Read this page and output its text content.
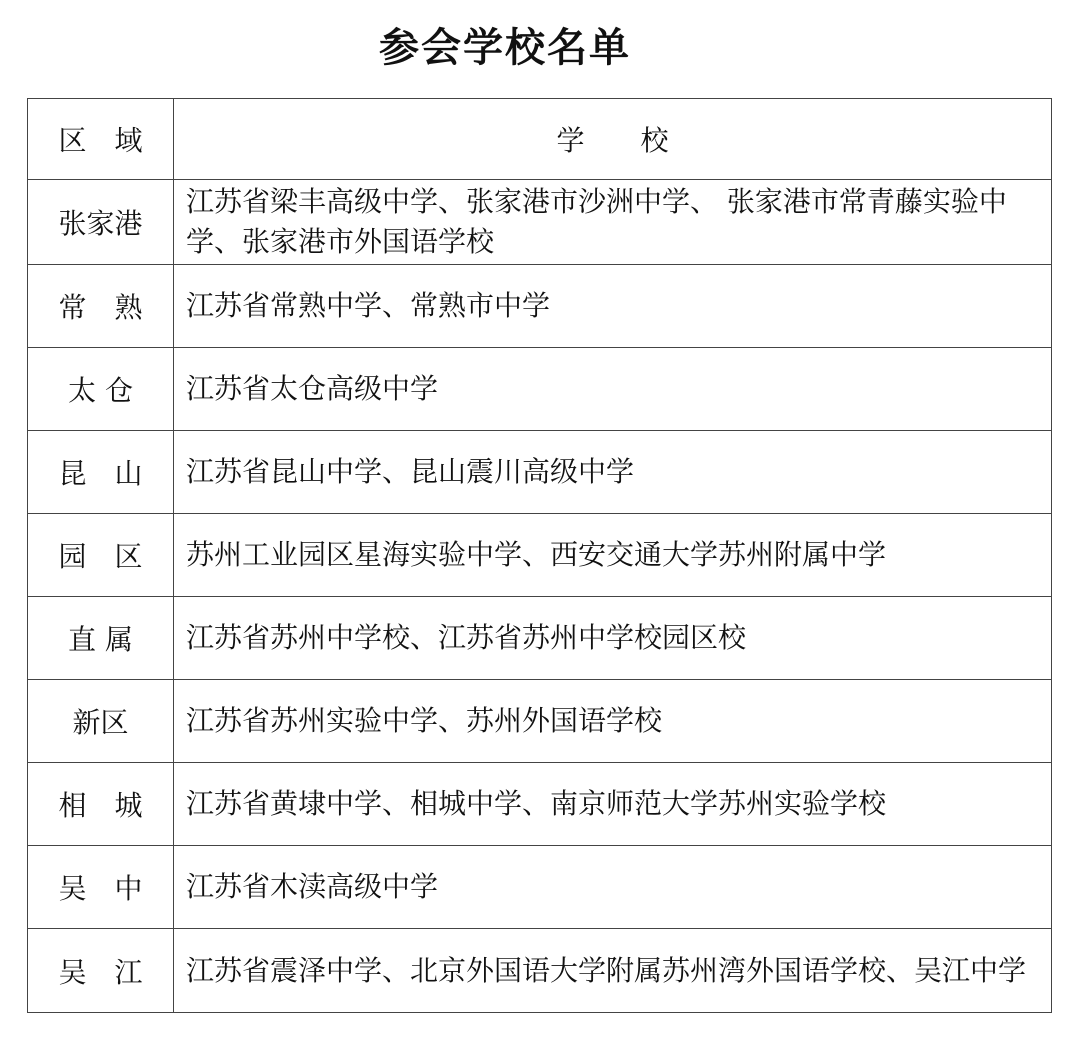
参会学校名单
区　域	学　　校
张家港	江苏省梁丰高级中学、张家港市沙洲中学、 张家港市常青藤实验中学、张家港市外国语学校
常　熟	江苏省常熟中学、常熟市中学
太 仓	江苏省太仓高级中学
昆　山	江苏省昆山中学、昆山震川高级中学
园　区	苏州工业园区星海实验中学、西安交通大学苏州附属中学
直 属	江苏省苏州中学校、江苏省苏州中学校园区校
新区	江苏省苏州实验中学、苏州外国语学校
相　城	江苏省黄埭中学、相城中学、南京师范大学苏州实验学校
吴　中	江苏省木渎高级中学
吴　江	江苏省震泽中学、北京外国语大学附属苏州湾外国语学校、吴江中学
